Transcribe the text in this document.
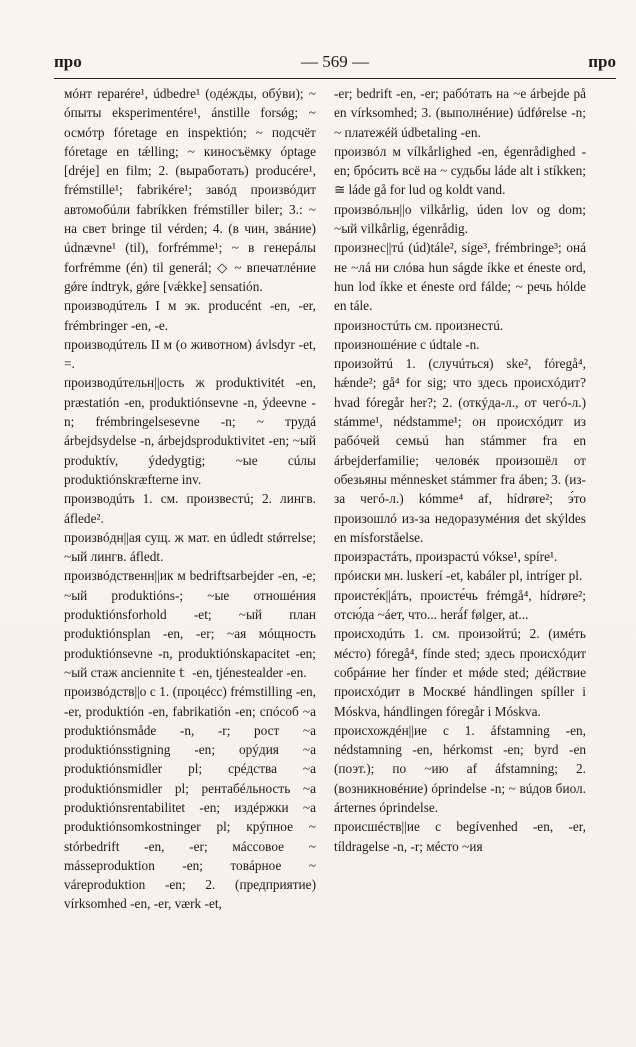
про	— 569 —	про

мóнт reparére¹, údbedre¹ (одéжды, обýви); ~ óпыты eksperimentére¹, ánstille forsǿg; ~ осмóтр fóretage en inspektión; ~ подсчёт fóretage en tǽlling; ~ киносъёмку óptage [dréje] en film; 2. (выработать) producére¹, frémstille¹; fabrikére¹; завóд произвóдит автомобúли fabríkken frémstiller biler; 3.: ~ на свет bringe til vérden; 4. (в чин, звáние) údnævne¹ (til), forfrémme¹; ~ в генерáлы forfrémme (én) til generál; ◇ ~ впечатлéние gǿre índtryk, gǿre [vǽkke] sensatión.

производúтель I м эк. producént -en, -er, frémbringer -en, -e.

производúтель II м (о животном) ávlsdyr -et, =.

производúтельн||ость ж produktivitét -en, præstatión -en, produktiónsevne -n, ýdeevne -n; frémbringelsesevne -n; ~ трудá árbejdsydelse -n, árbejdsproduktivitet -en; ~ый produktív, ýdedygtig; ~ые сúлы produktiónskræfterne inv.

производúть 1. см. произвестú; 2. лингв. áflede².

произвóдн||ая сущ. ж мат. en údledt stǿrrelse; ~ый лингв. áfledt.

произвóдственн||ик м bedriftsarbejder -en, -e; ~ый produktións-; ~ые отношéния produktiónsforhold -et; ~ый план produktiónsplan -en, -er; ~ая мóщность produktiónsevne -n, produktiónskapacitet -en; ~ый стаж ancienniteｔ -en, tjénestealder -en.

произвóдств||о с 1. (процéсс) frémstilling -en, -er, produktión -en, fabrikatión -en; спóсоб ~а produktiónsmåde -n, -r; рост ~а produktiónsstigning -en; орýдия ~а produktiónsmidler pl; срéдства ~а produktiónsmidler pl; рентабéльность ~а produktiónsrentabilitet -en; издéржки ~а produktiónsomkostninger pl; крýпное ~ stórbedrift -en, -er; мáссовое ~ másseproduktion -en; товáрное ~ váreproduktion -en; 2. (предприятие) vírksomhed -en, -er, værk -et,

-er; bedrift -en, -er; рабóтать на ~е árbejde på en vírksomhed; 3. (выполнéние) údfǿrelse -n; ~ платежéй údbetaling -en.

произвóл м vílkårlighed -en, égenrådighed -en; брóсить всё на ~ судьбы láde alt i stíkken; ≅ láde gå for lud og koldt vand.

произвóльн||о vilkårlig, úden lov og dom; ~ый vilkårlig, égenrådig.

произнес||тú (úd)tále², síge³, frémbringe³; онá не ~лá ни слóва hun ságde íkke et éneste ord, hun lod íkke et éneste ord fálde; ~ речь hólde en tále.

произностúть см. произнестú.

произношéние с údtale -n.

произойтú 1. (случúться) ske², fóregå⁴, hǽnde²; gå⁴ for sig; что здесь происхóдит? hvad fóregår her?; 2. (откýда-л., от чегó-л.) stámme¹, nédstamme¹; он происхóдит из рабóчей семьú han stámmer fra en árbejderfamilie; человéк произошёл от обезьяны ménnesket stámmer fra áben; 3. (из-за чегó-л.) kómme⁴ af, hídrøre²; э́то произошлó из-за недоразумéния det skýldes en mísforståelse.

произрастáть, произрастú vókse¹, spíre¹.

прóиски мн. luskerí -et, kabáler pl, intríger pl.

происте́к||áть, происте́чь frémgå⁴, hídrøre²; отсю́да ~áет, что... herá́f følger, at...

происходúть 1. см. произойтú; 2. (имéть мéсто) fóregå⁴, fínde sted; здесь происхóдит собрáние her fínder et mǿde sted; дéйствие происхóдит в Москвé hándlingen spíller i Móskva, hándlingen fóregår i Móskva.

происхождéн||ие с 1. áfstamning -en, nédstamning -en, hérkomst -en; byrd -en (поэт.); по ~ию af áfstamning; 2. (возникновéние) óprindelse -n; ~ вúдов биол. árternes óprindelse.

происшéств||ие с begívenhed -en, -er, tíldragelse -n, -r; мéсто ~ия
